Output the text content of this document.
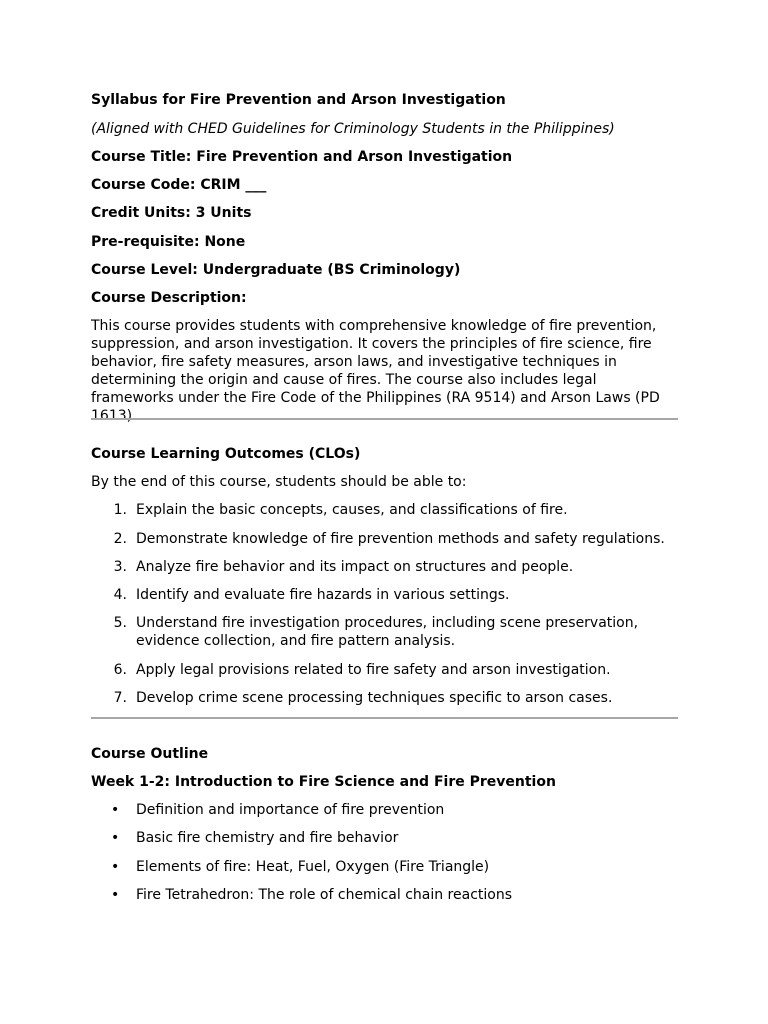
Syllabus for Fire Prevention and Arson Investigation
(Aligned with CHED Guidelines for Criminology Students in the Philippines)
Course Title: Fire Prevention and Arson Investigation
Course Code: CRIM ___
Credit Units: 3 Units
Pre-requisite: None
Course Level: Undergraduate (BS Criminology)
Course Description:
This course provides students with comprehensive knowledge of fire prevention, suppression, and arson investigation. It covers the principles of fire science, fire behavior, fire safety measures, arson laws, and investigative techniques in determining the origin and cause of fires. The course also includes legal frameworks under the Fire Code of the Philippines (RA 9514) and Arson Laws (PD 1613).
Course Learning Outcomes (CLOs)
By the end of this course, students should be able to:
1. Explain the basic concepts, causes, and classifications of fire.
2. Demonstrate knowledge of fire prevention methods and safety regulations.
3. Analyze fire behavior and its impact on structures and people.
4. Identify and evaluate fire hazards in various settings.
5. Understand fire investigation procedures, including scene preservation, evidence collection, and fire pattern analysis.
6. Apply legal provisions related to fire safety and arson investigation.
7. Develop crime scene processing techniques specific to arson cases.
Course Outline
Week 1-2: Introduction to Fire Science and Fire Prevention
• Definition and importance of fire prevention
• Basic fire chemistry and fire behavior
• Elements of fire: Heat, Fuel, Oxygen (Fire Triangle)
• Fire Tetrahedron: The role of chemical chain reactions
